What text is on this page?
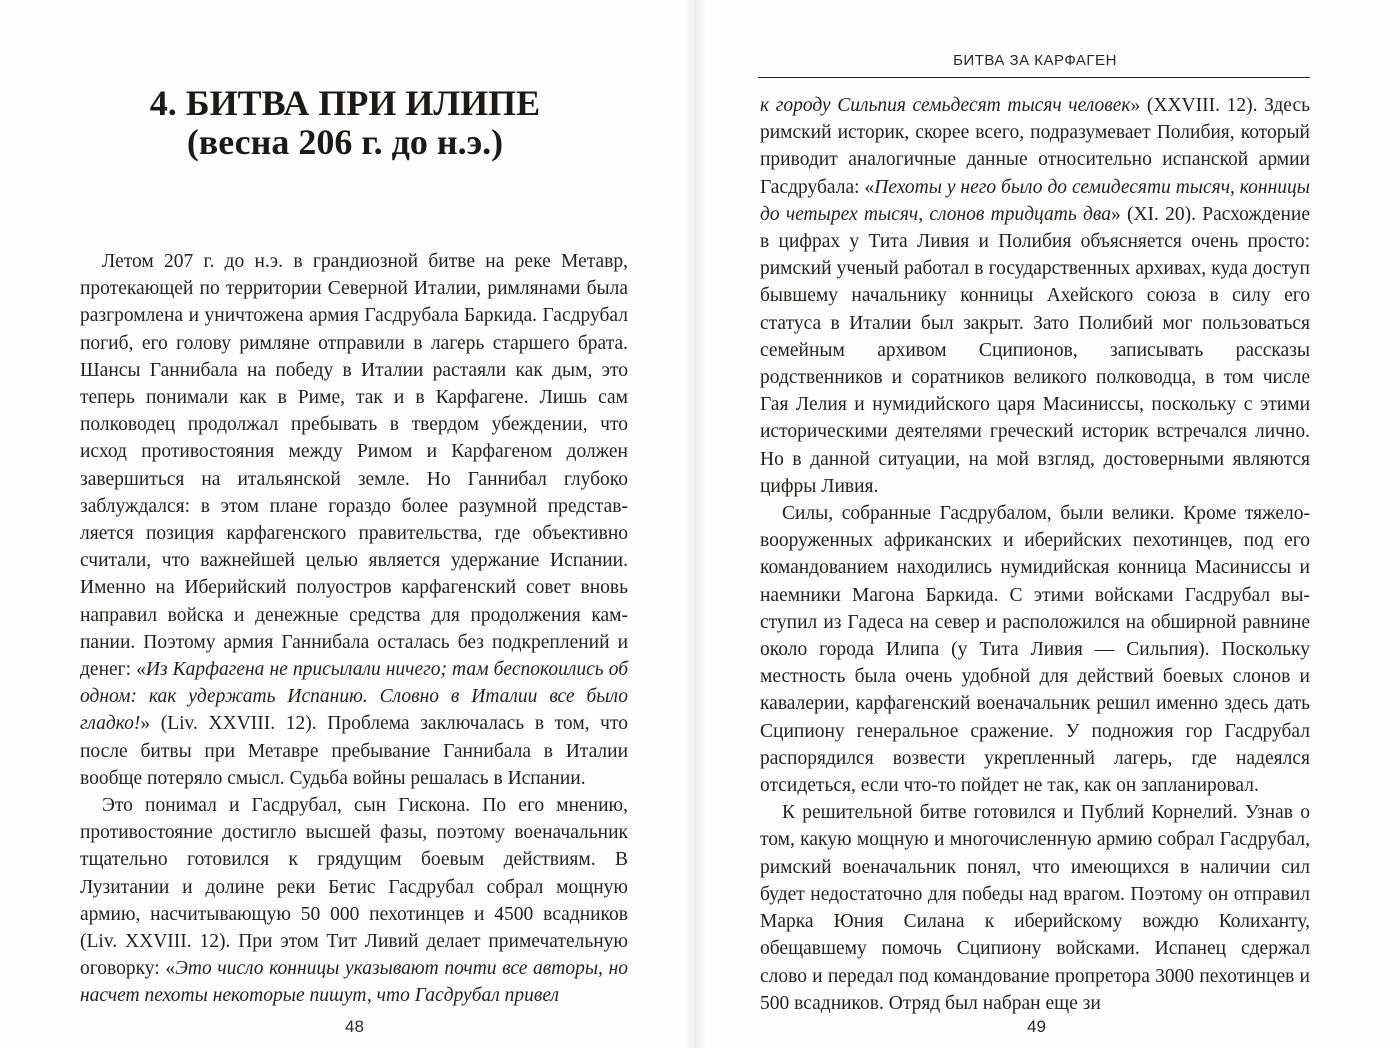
4. БИТВА ПРИ ИЛИПЕ
(весна 206 г. до н.э.)

Летом 207 г. до н.э. в грандиозной битве на реке Метавр, протекающей по территории Северной Италии, римлянами была разгромлена и уничтожена армия Гасдрубала Баркида. Гасдрубал погиб, его голову римляне отправили в лагерь старшего брата. Шансы Ганнибала на победу в Италии растаяли как дым, это теперь понимали как в Риме, так и в Карфагене. Лишь сам полководец продолжал пребывать в твердом убеждении, что исход противостояния между Римом и Карфагеном должен завершиться на итальянской земле. Но Ганнибал глубоко заблуждался: в этом плане гораздо более разумной представляется позиция карфагенского правительства, где объективно считали, что важнейшей целью является удержание Испании. Именно на Иберийский полуостров карфагенский совет вновь направил войска и денежные средства для продолжения кампании. Поэтому армия Ганнибала осталась без подкреплений и денег: «Из Карфагена не присылали ничего; там беспокоились об одном: как удержать Испанию. Словно в Италии все было гладко!» (Liv. XXVIII. 12). Проблема заключалась в том, что после битвы при Метавре пребывание Ганнибала в Италии вообще потеряло смысл. Судьба войны решалась в Испании.

Это понимал и Гасдрубал, сын Гискона. По его мнению, противостояние достигло высшей фазы, поэтому военачальник тщательно готовился к грядущим боевым действиям. В Лузитании и долине реки Бетис Гасдрубал собрал мощную армию, насчитывающую 50 000 пехотинцев и 4500 всадников (Liv. XXVIII. 12). При этом Тит Ливий делает примечательную оговорку: «Это число конницы указывают почти все авторы, но насчет пехоты некоторые пишут, что Гасдрубал привел

48
БИТВА ЗА КАРФАГЕН

к городу Сильпия семьдесят тысяч человек» (XXVIII. 12). Здесь римский историк, скорее всего, подразумевает Полибия, который приводит аналогичные данные относительно испанской армии Гасдрубала: «Пехоты у него было до семидесяти тысяч, конницы до четырех тысяч, слонов тридцать два» (XI. 20). Расхождение в цифрах у Тита Ливия и Полибия объясняется очень просто: римский ученый работал в государственных архивах, куда доступ бывшему начальнику конницы Ахейского союза в силу его статуса в Италии был закрыт. Зато Полибий мог пользоваться семейным архивом Сципионов, записывать рассказы родственников и соратников великого полководца, в том числе Гая Лелия и нумидийского царя Масиниссы, поскольку с этими историческими деятелями греческий историк встречался лично. Но в данной ситуации, на мой взгляд, достоверными являются цифры Ливия.

Силы, собранные Гасдрубалом, были велики. Кроме тяжеловооруженных африканских и иберийских пехотинцев, под его командованием находились нумидийская конница Масиниссы и наемники Магона Баркида. С этими войсками Гасдрубал выступил из Гадеса на север и расположился на обширной равнине около города Илипа (у Тита Ливия — Сильпия). Поскольку местность была очень удобной для действий боевых слонов и кавалерии, карфагенский военачальник решил именно здесь дать Сципиону генеральное сражение. У подножия гор Гасдрубал распорядился возвести укрепленный лагерь, где надеялся отсидеться, если что-то пойдет не так, как он запланировал.

К решительной битве готовился и Публий Корнелий. Узнав о том, какую мощную и многочисленную армию собрал Гасдрубал, римский военачальник понял, что имеющихся в наличии сил будет недостаточно для победы над врагом. Поэтому он отправил Марка Юния Силана к иберийскому вождю Колиханту, обещавшему помочь Сципиону войсками. Испанец сдержал слово и передал под командование пропретора 3000 пехотинцев и 500 всадников. Отряд был набран еще зи

49
